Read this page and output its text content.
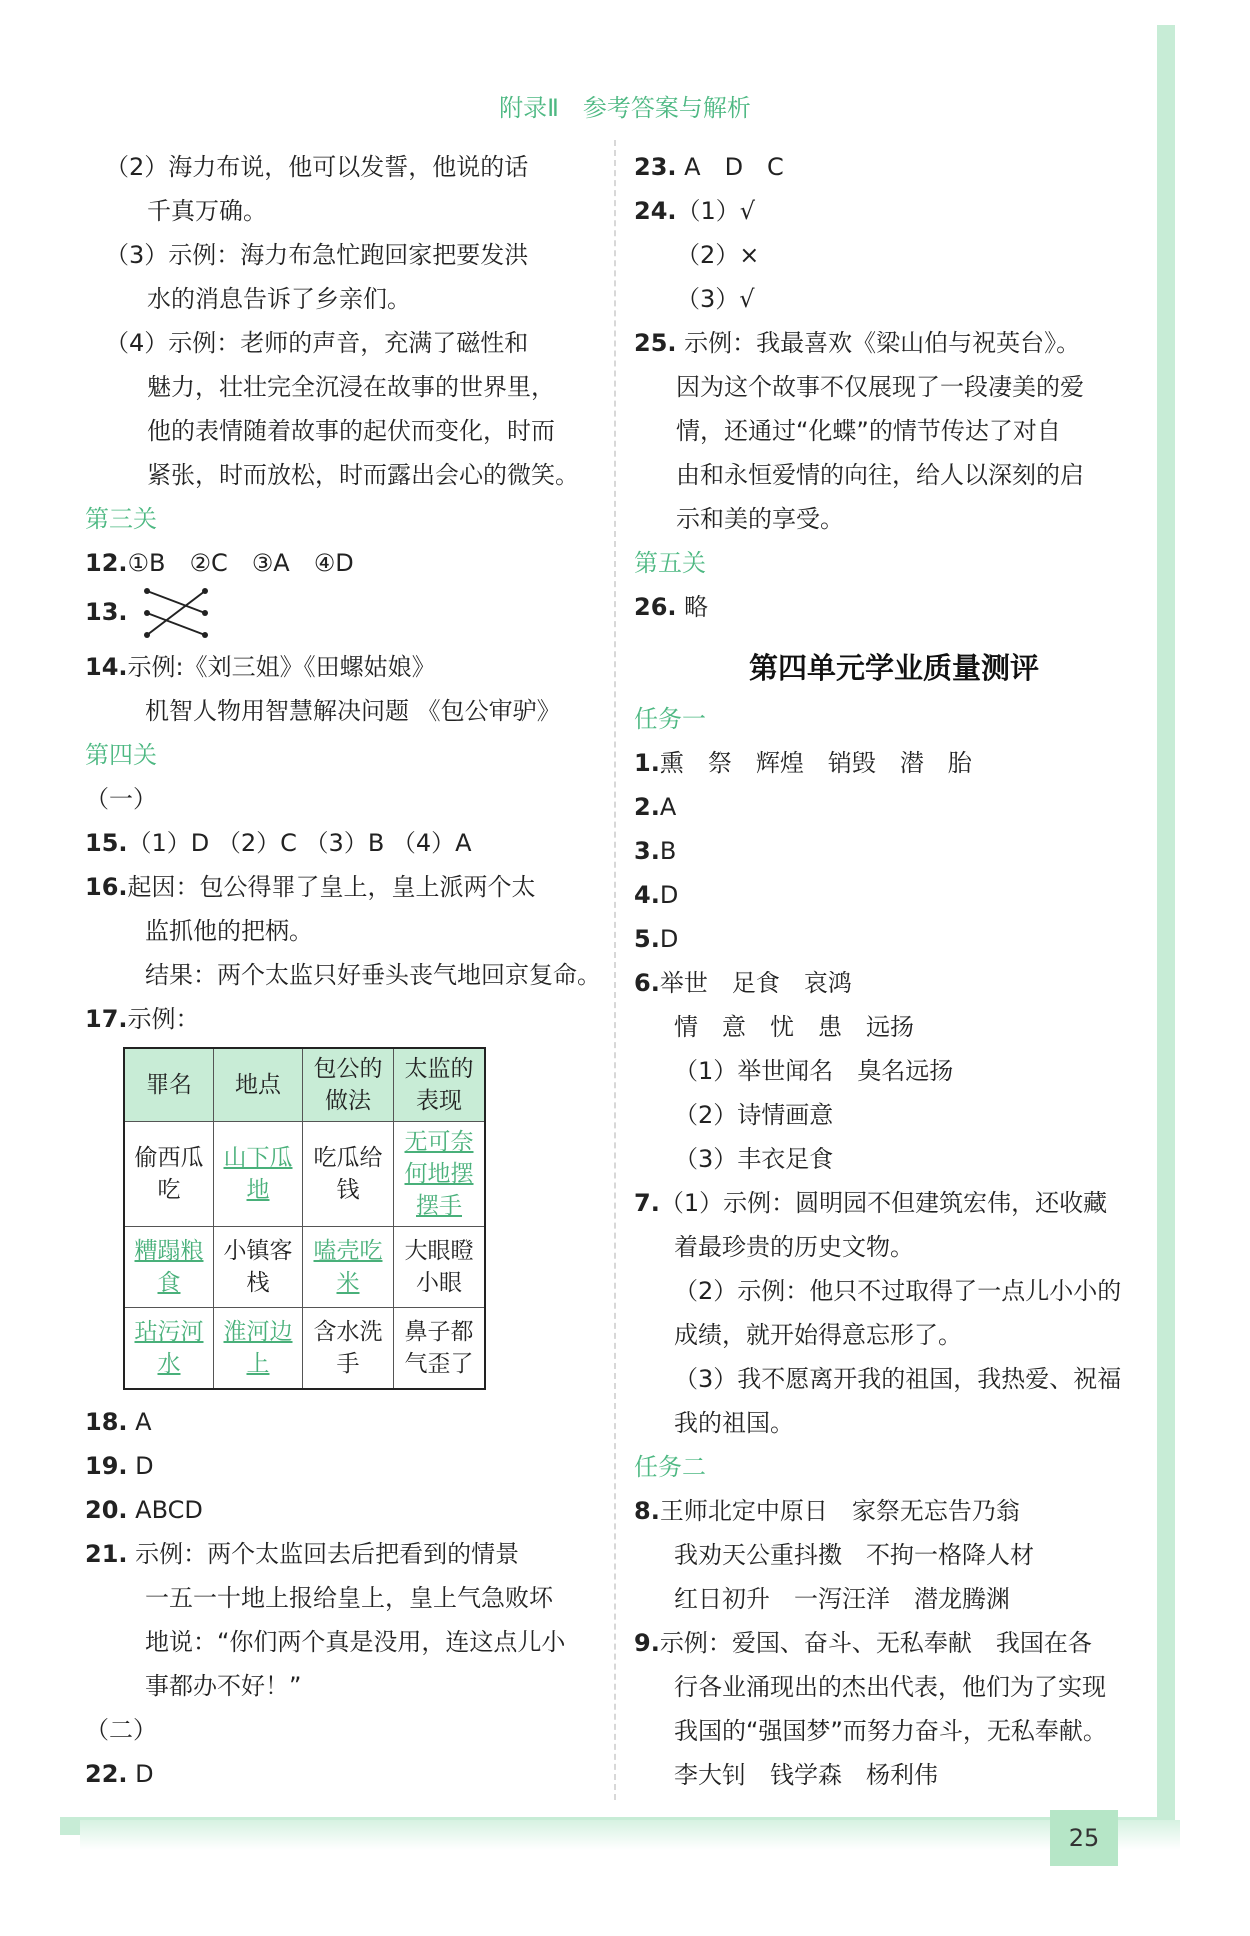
附录Ⅱ　参考答案与解析
（2）海力布说，他可以发誓，他说的话
千真万确。
（3）示例：海力布急忙跑回家把要发洪
水的消息告诉了乡亲们。
（4）示例：老师的声音，充满了磁性和
魅力，壮壮完全沉浸在故事的世界里，
他的表情随着故事的起伏而变化，时而
紧张，时而放松，时而露出会心的微笑。
第三关
12.①B　②C　③A　④D
13.
14.示例:《刘三姐》《田螺姑娘》
机智人物用智慧解决问题 《包公审驴》
第四关
（一）
15.（1）D （2）C （3）B （4）A
16.起因：包公得罪了皇上，皇上派两个太
监抓他的把柄。
结果：两个太监只好垂头丧气地回京复命。
17.示例：
罪名	地点	包公的做法	太监的表现
偷西瓜吃	山下瓜地	吃瓜给钱	无可奈何地摆摆手
糟蹋粮食	小镇客栈	嗑壳吃米	大眼瞪小眼
玷污河水	淮河边上	含水洗手	鼻子都气歪了
18. A
19. D
20. ABCD
21. 示例：两个太监回去后把看到的情景
一五一十地上报给皇上，皇上气急败坏
地说：“你们两个真是没用，连这点儿小
事都办不好！”
（二）
22. D
23. A　D　C
24.（1）√
（2）×
（3）√
25. 示例：我最喜欢《梁山伯与祝英台》。
因为这个故事不仅展现了一段凄美的爱
情，还通过“化蝶”的情节传达了对自
由和永恒爱情的向往，给人以深刻的启
示和美的享受。
第五关
26. 略
第四单元学业质量测评
任务一
1.熏　祭　辉煌　销毁　潜　胎
2.A
3.B
4.D
5.D
6.举世　足食　哀鸿
情　意　忧　患　远扬
（1）举世闻名　臭名远扬
（2）诗情画意
（3）丰衣足食
7.（1）示例：圆明园不但建筑宏伟，还收藏
着最珍贵的历史文物。
（2）示例：他只不过取得了一点儿小小的
成绩，就开始得意忘形了。
（3）我不愿离开我的祖国，我热爱、祝福
我的祖国。
任务二
8.王师北定中原日　家祭无忘告乃翁
我劝天公重抖擞　不拘一格降人材
红日初升　一泻汪洋　潜龙腾渊
9.示例：爱国、奋斗、无私奉献　我国在各
行各业涌现出的杰出代表，他们为了实现
我国的“强国梦”而努力奋斗，无私奉献。
李大钊　钱学森　杨利伟
25
